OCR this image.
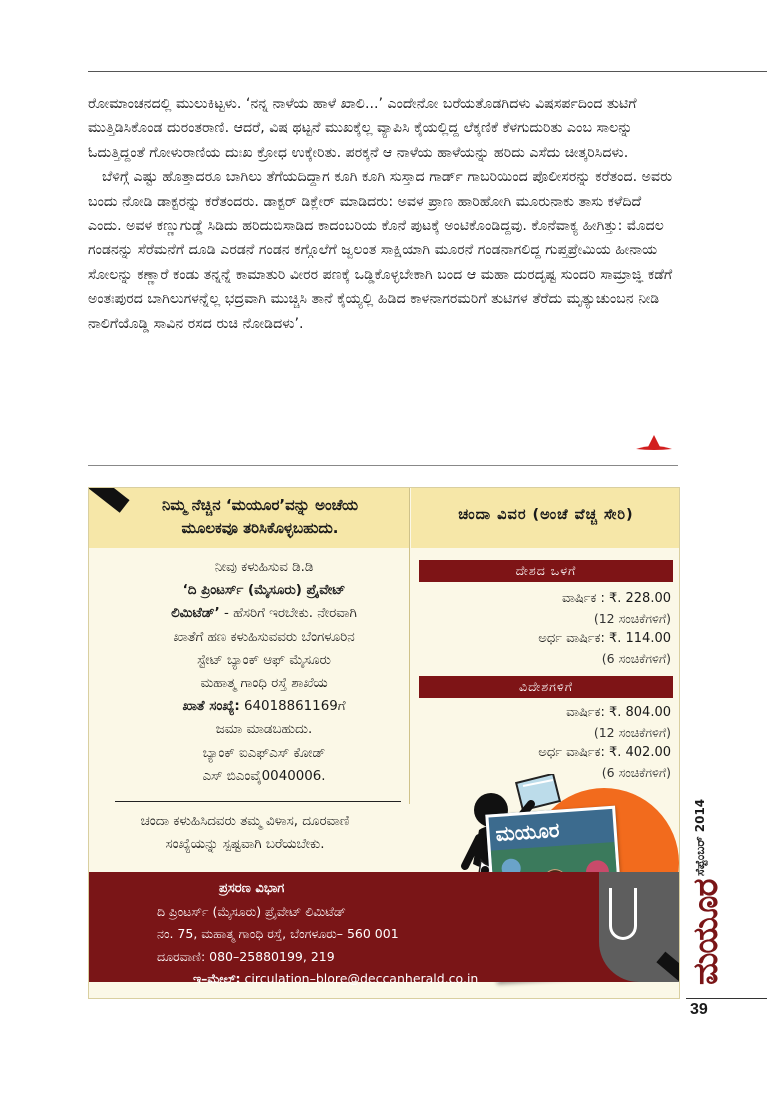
ರೋಮಾಂಚನದಲ್ಲಿ ಮುಲುಕಿಟ್ಟಳು. ‘ನನ್ನ ನಾಳೆಯ ಹಾಳೆ ಖಾಲಿ...’ ಎಂದೇನೋ ಬರೆಯತೊಡಗಿದಳು ವಿಷಸರ್ಪದಿಂದ ತುಟಿಗೆ ಮುತ್ತಿಡಿಸಿಕೊಂಡ ದುರಂತರಾಣಿ. ಆದರೆ, ವಿಷ ಥಟ್ಟನೆ ಮುಖಕ್ಕೆಲ್ಲ ವ್ಯಾಪಿಸಿ ಕೈಯಲ್ಲಿದ್ದ ಲೆಕ್ಕಣಿಕೆ ಕೆಳಗುದುರಿತು ಎಂಬ ಸಾಲನ್ನು ಓದುತ್ತಿದ್ದಂತೆ ಗೋಳುರಾಣಿಯ ದುಃಖ ಕ್ರೋಧ ಉಕ್ಕೇರಿತು. ಪರಕ್ಕನೆ ಆ ನಾಳೆಯ ಹಾಳೆಯನ್ನು ಹರಿದು ಎಸೆದು ಚೀತ್ಕರಿಸಿದಳು.

ಬೆಳಿಗ್ಗೆ ಎಷ್ಟು ಹೊತ್ತಾದರೂ ಬಾಗಿಲು ತೆಗೆಯದಿದ್ದಾಗ ಕೂಗಿ ಕೂಗಿ ಸುಸ್ತಾದ ಗಾರ್ಡ್ ಗಾಬರಿಯಿಂದ ಪೊಲೀಸರನ್ನು ಕರೆತಂದ. ಅವರು ಬಂದು ನೋಡಿ ಡಾಕ್ಟರನ್ನು ಕರೆತಂದರು. ಡಾಕ್ಟರ್ ಡಿಕ್ಲೇರ್ ಮಾಡಿದರು: ಅವಳ ಪ್ರಾಣ ಹಾರಿಹೋಗಿ ಮೂರುನಾಕು ತಾಸು ಕಳೆದಿದೆ ಎಂದು. ಅವಳ ಕಣ್ಣುಗುಡ್ಡೆ ಸಿಡಿದು ಹರಿದುಬಿಸಾಡಿದ ಕಾದಂಬರಿಯ ಕೊನೆ ಪುಟಕ್ಕೆ ಅಂಟಿಕೊಂಡಿದ್ದವು. ಕೊನೆವಾಕ್ಯ ಹೀಗಿತ್ತು: ಮೊದಲ ಗಂಡನನ್ನು ಸೆರೆಮನೆಗೆ ದೂಡಿ ಎರಡನೆ ಗಂಡನ ಕಗ್ಗೊಲೆಗೆ ಜ್ವಲಂತ ಸಾಕ್ಷಿಯಾಗಿ ಮೂರನೆ ಗಂಡನಾಗಲಿದ್ದ ಗುಪ್ತಪ್ರೇಮಿಯ ಹೀನಾಯ ಸೋಲನ್ನು ಕಣ್ಣಾರೆ ಕಂಡು ತನ್ನನ್ನೆ ಕಾಮಾತುರಿ ವೀರರ ಪಣಕ್ಕೆ ಒಡ್ಡಿಕೊಳ್ಳಬೇಕಾಗಿ ಬಂದ ಆ ಮಹಾ ದುರದೃಷ್ಟ ಸುಂದರಿ ಸಾಮ್ರಾಜ್ಞಿ ಕಡೆಗೆ ಅಂತಃಪುರದ ಬಾಗಿಲುಗಳನ್ನೆಲ್ಲ ಭದ್ರವಾಗಿ ಮುಚ್ಚಿಸಿ ತಾನೆ ಕೈಯ್ಯಲ್ಲಿ ಹಿಡಿದ ಕಾಳನಾಗರಮರಿಗೆ ತುಟಿಗಳ ತೆರೆದು ಮೃತ್ಯುಚುಂಬನ ನೀಡಿ ನಾಲಿಗೆಯೊಡ್ಡಿ ಸಾವಿನ ರಸದ ರುಚಿ ನೋಡಿದಳು’.

ನಿಮ್ಮ ನೆಚ್ಚಿನ ‘ಮಯೂರ’ವನ್ನು ಅಂಚೆಯ
ಮೂಲಕವೂ ತರಿಸಿಕೊಳ್ಳಬಹುದು.
ಚಂದಾ ವಿವರ (ಅಂಚೆ ವೆಚ್ಚ ಸೇರಿ)
ನೀವು ಕಳುಹಿಸುವ ಡಿ.ಡಿ
‘ದಿ ಪ್ರಿಂಟರ್ಸ್ (ಮೈಸೂರು) ಪ್ರೈವೇಟ್
ಲಿಮಿಟೆಡ್’ - ಹೆಸರಿಗೆ ಇರಬೇಕು. ನೇರವಾಗಿ
ಖಾತೆಗೆ ಹಣ ಕಳುಹಿಸುವವರು ಬೆಂಗಳೂರಿನ
ಸ್ಟೇಟ್ ಬ್ಯಾಂಕ್ ಆಫ್ ಮೈಸೂರು
ಮಹಾತ್ಮ ಗಾಂಧಿ ರಸ್ತೆ ಶಾಖೆಯ
ಖಾತೆ ಸಂಖ್ಯೆ: 64018861169ಗೆ
ಜಮಾ ಮಾಡಬಹುದು.
ಬ್ಯಾಂಕ್ ಐಎಫ್‌ಎಸ್ ಕೋಡ್
ಎಸ್ ಬಿಎಂವೈ0040006.
ಚಂದಾ ಕಳುಹಿಸಿದವರು ತಮ್ಮ ವಿಳಾಸ, ದೂರವಾಣಿ
ಸಂಖ್ಯೆಯನ್ನು ಸ್ಪಷ್ಟವಾಗಿ ಬರೆಯಬೇಕು.
ದೇಶದ ಒಳಗೆ
ವಾರ್ಷಿಕ : ₹. 228.00
(12 ಸಂಚಿಕೆಗಳಿಗೆ)
ಅರ್ಧ ವಾರ್ಷಿಕ: ₹. 114.00
(6 ಸಂಚಿಕೆಗಳಿಗೆ)
ವಿದೇಶಗಳಿಗೆ
ವಾರ್ಷಿಕ: ₹. 804.00
(12 ಸಂಚಿಕೆಗಳಿಗೆ)
ಅರ್ಧ ವಾರ್ಷಿಕ: ₹. 402.00
(6 ಸಂಚಿಕೆಗಳಿಗೆ)
ಮಯೂರ
ಪ್ರಸರಣ ವಿಭಾಗ
ದಿ ಪ್ರಿಂಟರ್ಸ್ (ಮೈಸೂರು) ಪ್ರೈವೇಟ್ ಲಿಮಿಟೆಡ್
ನಂ. 75, ಮಹಾತ್ಮ ಗಾಂಧಿ ರಸ್ತೆ, ಬೆಂಗಳೂರು– 560 001
ದೂರವಾಣಿ: 080–25880199, 219
ಇ–ಮೇಲ್: circulation–blore@deccanherald.co.in
ಸೆಪ್ಟೆಂಬರ್ 2014
ಮಯೂರ
39
